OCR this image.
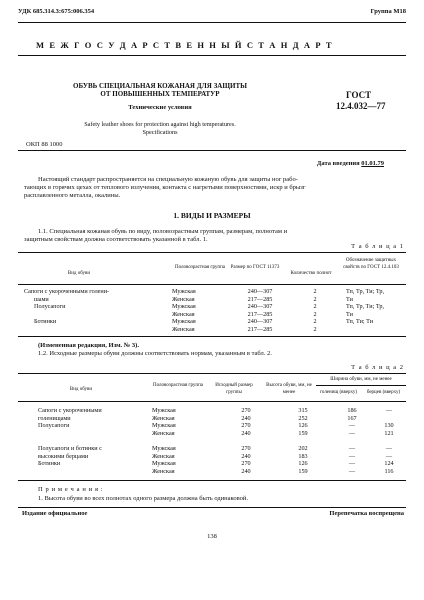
УДК 685.314.3:675:006.354	Группа М18
М Е Ж Г О С У Д А Р С Т В Е Н Н Ы Й С Т А Н Д А Р Т
ОБУВЬ СПЕЦИАЛЬНАЯ КОЖАНАЯ ДЛЯ ЗАЩИТЫ
ОТ ПОВЫШЕННЫХ ТЕМПЕРАТУР
Технические условия
Safety leather shoes for protection against high temperatures.
Specifications
ГОСТ
12.4.032—77
ОКП 88 1000
Дата введения 01.01.79
Настоящий стандарт распространяется на специальную кожаную обувь для защиты ног рабо-
тающих в горячих цехах от теплового излучения, контакта с нагретыми поверхностями, искр и брызг
расплавленного металла, окалины.
1. ВИДЫ И РАЗМЕРЫ
1.1. Специальная кожаная обувь по виду, половозрастным группам, размерам, полнотам и
защитным свойствам должна соответствовать указанной в табл. 1.
Т а б л и ц а 1
Вид обуви
Половозрастная группа	Размер по ГОСТ 11373
Количество полнот
Обозначение защитных свойств по ГОСТ 12.4.103
Сапоги с укороченными голени-	Мужская	240—307	2	Тп, Тр, Ти; Тр,
шами	Женская	217—285	2	Ти
Полусапоги	Мужская	240—307	2	Тп, Тр, Ти; Тр,
	Женская	217—285	2	Ти
Ботинки	Мужская	240—307	2	Тп, Ти; Ти
	Женская	217—285	2	
(Измененная редакция, Изм. № 3).
1.2. Исходные размеры обуви должны соответствовать нормам, указанным в табл. 2.
Т а б л и ц а 2
Вид обуви
Половозрастная группа	Исходный размер группы
Высота обуви, мм, не менее
Ширина обуви, мм, не менее
голенищ (вверху)	берцев (вверху)
Сапоги с укороченными	Мужская	270	315	186	—
голенищами	Женская	240	252	167	
Полусапоги	Мужская	270	126	—	130
	Женская	240	159	—	121

Полусапоги и ботинки с	Мужская	270	202	—	—
высокими берцами	Женская	240	183	—	—
Ботинки	Мужская	270	126	—	124
	Женская	240	159	—	116
П р и м е ч а н и я :
1. Высота обуви во всех полнотах одного размера должна быть одинаковой.
Издание официальное	Перепечатка воспрещена
138
